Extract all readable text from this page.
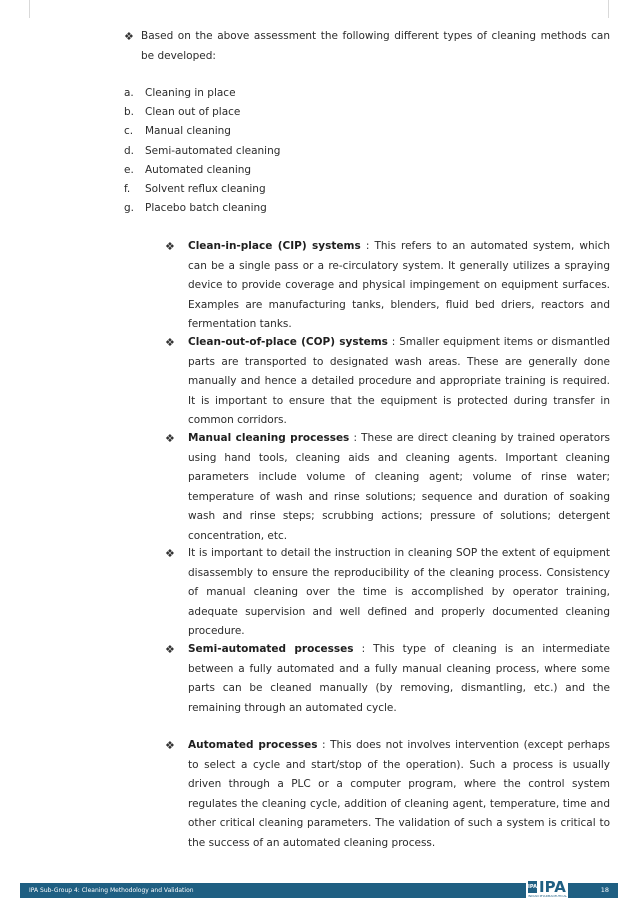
❖ Based on the above assessment the following different types of cleaning methods can be developed:
a. Cleaning in place
b. Clean out of place
c. Manual cleaning
d. Semi-automated cleaning
e. Automated cleaning
f. Solvent reflux cleaning
g. Placebo batch cleaning
❖	Clean-in-place (CIP) systems : This refers to an automated system, which can be a single pass or a re-circulatory system. It generally utilizes a spraying device to provide coverage and physical impingement on equipment surfaces. Examples are manufacturing tanks, blenders, fluid bed driers, reactors and fermentation tanks.
❖	Clean-out-of-place (COP) systems : Smaller equipment items or dismantled parts are transported to designated wash areas. These are generally done manually and hence a detailed procedure and appropriate training is required. It is important to ensure that the equipment is protected during transfer in common corridors.
❖	Manual cleaning processes : These are direct cleaning by trained operators using hand tools, cleaning aids and cleaning agents. Important cleaning parameters include volume of cleaning agent; volume of rinse water; temperature of wash and rinse solutions; sequence and duration of soaking wash and rinse steps; scrubbing actions; pressure of solutions; detergent concentration, etc.
❖	It is important to detail the instruction in cleaning SOP the extent of equipment disassembly to ensure the reproducibility of the cleaning process. Consistency of manual cleaning over the time is accomplished by operator training, adequate supervision and well defined and properly documented cleaning procedure.
❖	Semi-automated processes : This type of cleaning is an intermediate between a fully automated and a fully manual cleaning process, where some parts can be cleaned manually (by removing, dismantling, etc.) and the remaining through an automated cycle.
❖	Automated processes : This does not involves intervention (except perhaps to select a cycle and start/stop of the operation). Such a process is usually driven through a PLC or a computer program, where the control system regulates the cleaning cycle, addition of cleaning agent, temperature, time and other critical cleaning parameters. The validation of such a system is critical to the success of an automated cleaning process.
IPA Sub-Group 4: Cleaning Methodology and Validation	18
IPA IPA
INDIAN PHARMACEUTICAL ALLIANCE
